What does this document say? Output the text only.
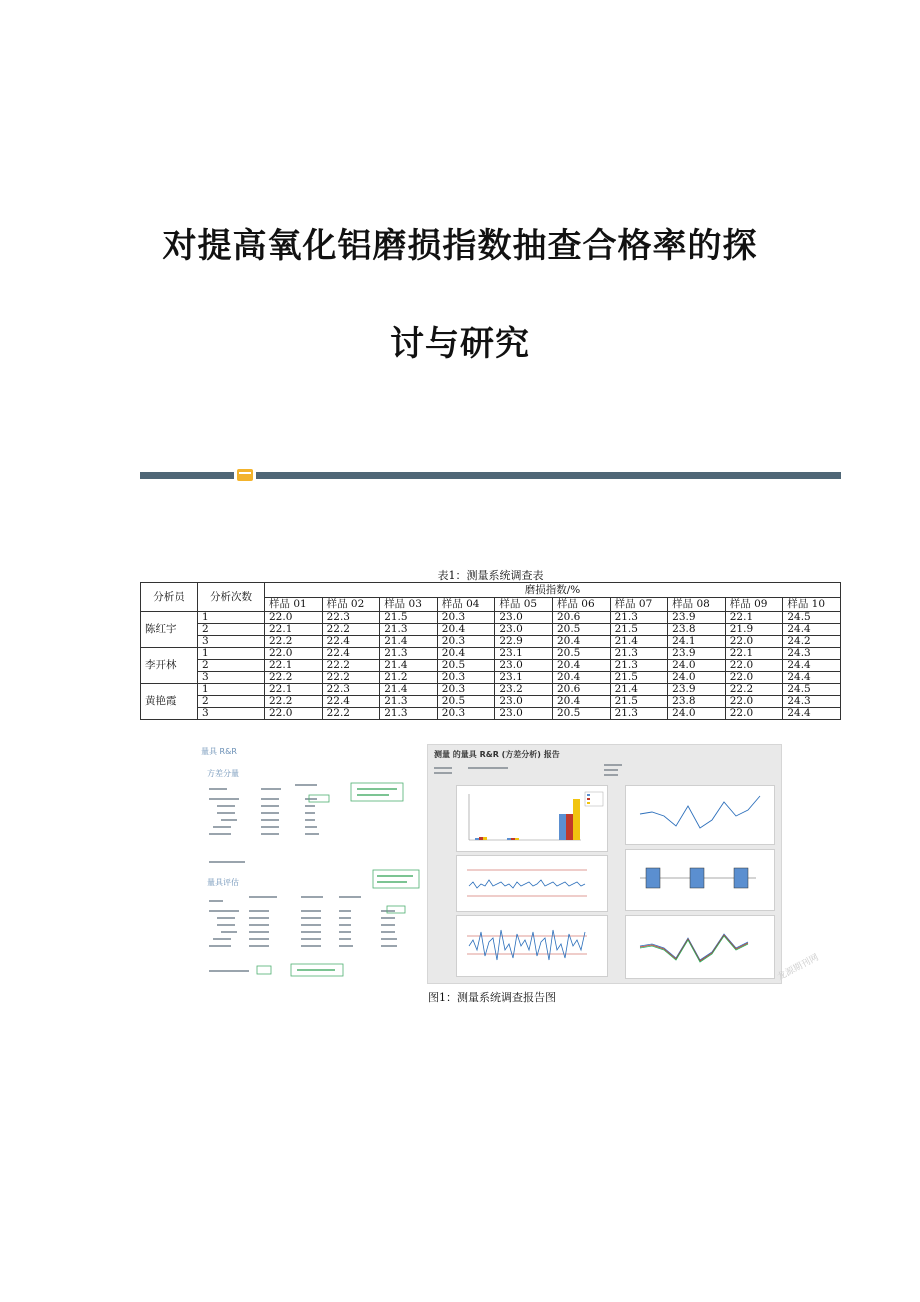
对提高氧化铝磨损指数抽查合格率的探
讨与研究
表1：测量系统调查表
分析员	分析次数	磨损指数/%									
		样品 01	样品 02	样品 03	样品 04	样品 05	样品 06	样品 07	样品 08	样品 09	样品 10
陈红宇	1	22.0	22.3	21.5	20.3	23.0	20.6	21.3	23.9	22.1	24.5
	2	22.1	22.2	21.3	20.4	23.0	20.5	21.5	23.8	21.9	24.4
	3	22.2	22.4	21.4	20.3	22.9	20.4	21.4	24.1	22.0	24.2
李开林	1	22.0	22.4	21.3	20.4	23.1	20.5	21.3	23.9	22.1	24.3
	2	22.1	22.2	21.4	20.5	23.0	20.4	21.3	24.0	22.0	24.4
	3	22.2	22.2	21.2	20.3	23.1	20.4	21.5	24.0	22.0	24.4
黄艳霞	1	22.1	22.3	21.4	20.3	23.2	20.6	21.4	23.9	22.2	24.5
	2	22.2	22.4	21.3	20.5	23.0	20.4	21.5	23.8	22.0	24.3
	3	22.0	22.2	21.3	20.3	23.0	20.5	21.3	24.0	22.0	24.4
量具 R&R
方差分量
量具评估
测量 的量具 R&R (方差分析) 报告
龙源期刊网
图1：测量系统调查报告图
